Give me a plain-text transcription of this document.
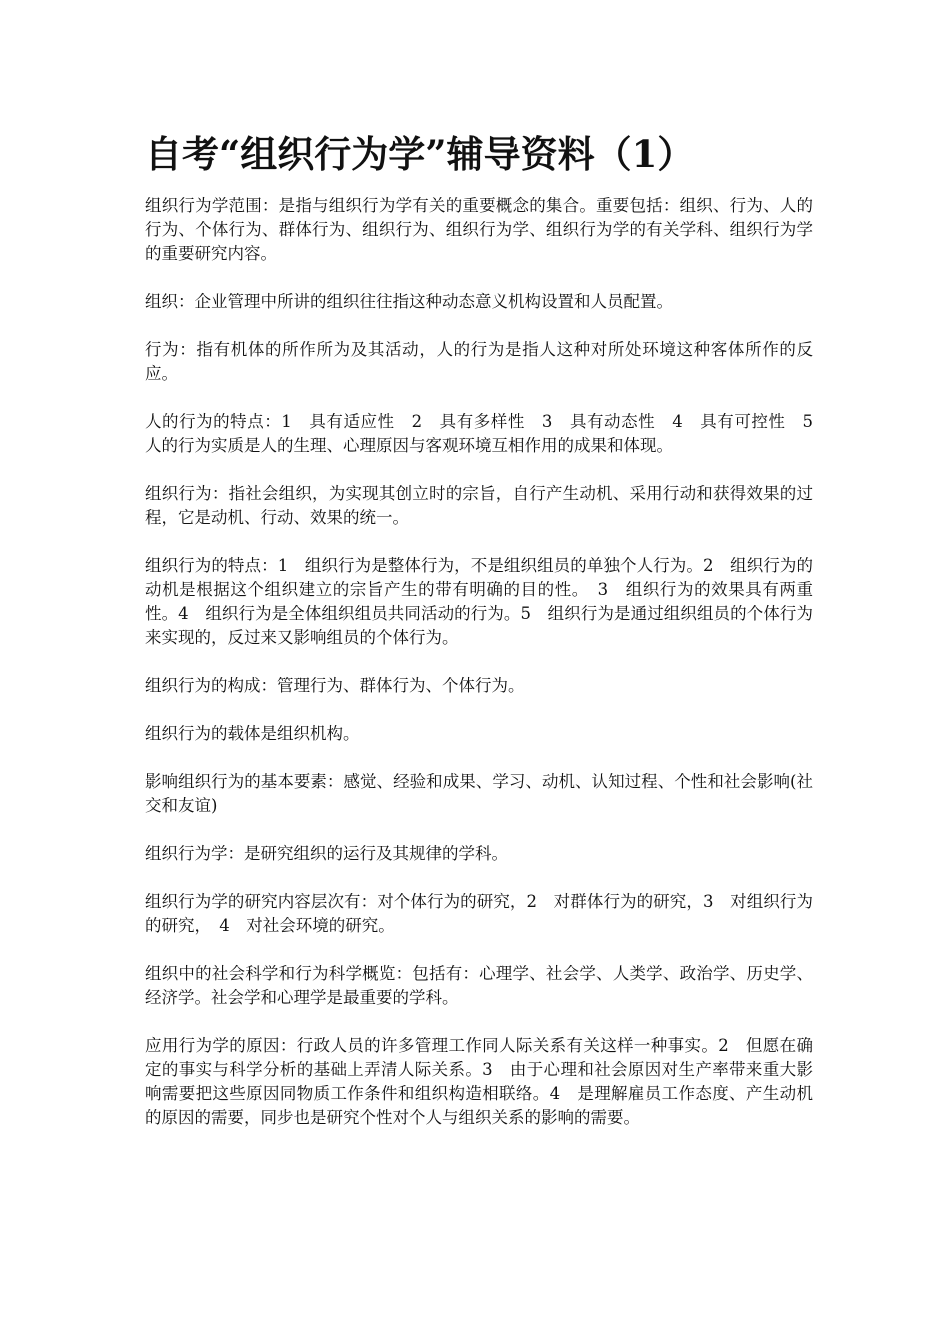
自考“组织行为学”辅导资料（1）

组织行为学范围：是指与组织行为学有关的重要概念的集合。重要包括：组织、行为、人的行为、个体行为、群体行为、组织行为、组织行为学、组织行为学的有关学科、组织行为学的重要研究内容。

组织：企业管理中所讲的组织往往指这种动态意义机构设置和人员配置。

行为：指有机体的所作所为及其活动，人的行为是指人这种对所处环境这种客体所作的反应。

人的行为的特点：1　具有适应性　2　具有多样性　3　具有动态性　4　具有可控性　5　人的行为实质是人的生理、心理原因与客观环境互相作用的成果和体现。

组织行为：指社会组织，为实现其创立时的宗旨，自行产生动机、采用行动和获得效果的过程，它是动机、行动、效果的统一。

组织行为的特点：1　组织行为是整体行为，不是组织组员的单独个人行为。2　组织行为的动机是根据这个组织建立的宗旨产生的带有明确的目的性。　3　组织行为的效果具有两重性。4　组织行为是全体组织组员共同活动的行为。5　组织行为是通过组织组员的个体行为来实现的，反过来又影响组员的个体行为。

组织行为的构成：管理行为、群体行为、个体行为。

组织行为的载体是组织机构。

影响组织行为的基本要素：感觉、经验和成果、学习、动机、认知过程、个性和社会影响(社交和友谊)

组织行为学：是研究组织的运行及其规律的学科。

组织行为学的研究内容层次有：对个体行为的研究，2　对群体行为的研究，3　对组织行为的研究，　4　对社会环境的研究。

组织中的社会科学和行为科学概览：包括有：心理学、社会学、人类学、政治学、历史学、经济学。社会学和心理学是最重要的学科。

应用行为学的原因：行政人员的许多管理工作同人际关系有关这样一种事实。2　但愿在确定的事实与科学分析的基础上弄清人际关系。3　由于心理和社会原因对生产率带来重大影响需要把这些原因同物质工作条件和组织构造相联络。4　是理解雇员工作态度、产生动机的原因的需要，同步也是研究个性对个人与组织关系的影响的需要。
